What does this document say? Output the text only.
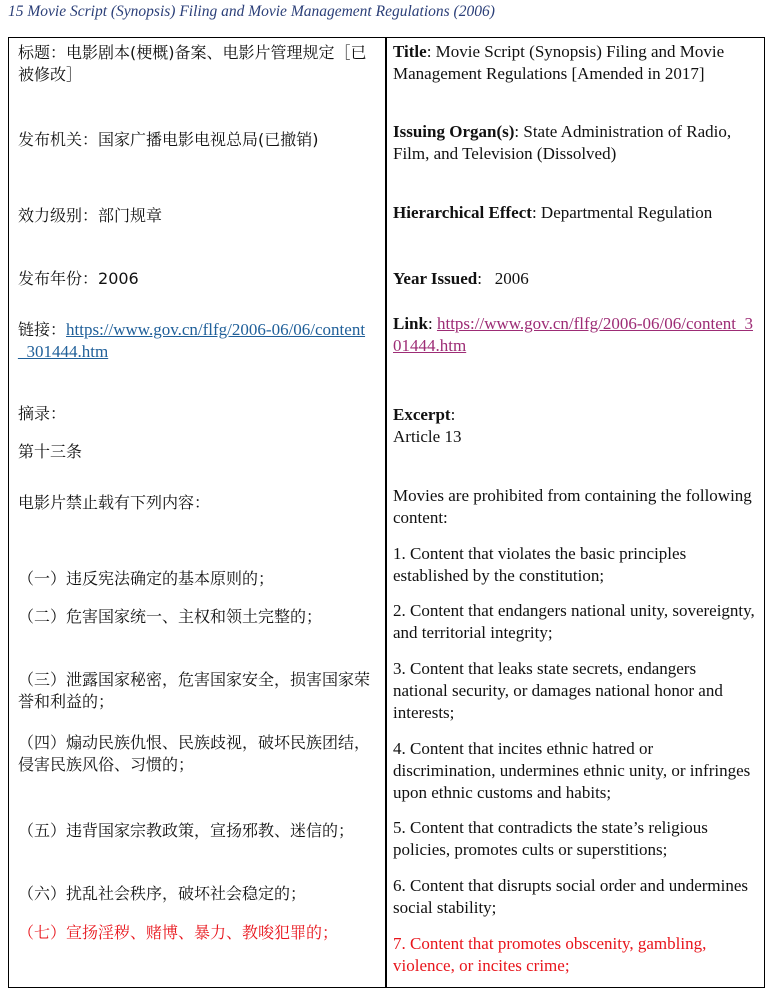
15 Movie Script (Synopsis) Filing and Movie Management Regulations (2006)
标题：电影剧本(梗概)备案、电影片管理规定［已被修改］
发布机关：国家广播电影电视总局(已撤销)
效力级别：部门规章
发布年份：2006
链接：https://www.gov.cn/flfg/2006-06/06/content_301444.htm
摘录：
第十三条
电影片禁止载有下列内容：
（一）违反宪法确定的基本原则的；
（二）危害国家统一、主权和领土完整的；
（三）泄露国家秘密，危害国家安全，损害国家荣誉和利益的；
（四）煽动民族仇恨、民族歧视，破坏民族团结，侵害民族风俗、习惯的；
（五）违背国家宗教政策，宣扬邪教、迷信的；
（六）扰乱社会秩序，破坏社会稳定的；
（七）宣扬淫秽、赌博、暴力、教唆犯罪的；
Title: Movie Script (Synopsis) Filing and Movie Management Regulations [Amended in 2017]
Issuing Organ(s): State Administration of Radio, Film, and Television (Dissolved)
Hierarchical Effect: Departmental Regulation
Year Issued:   2006
Link: https://www.gov.cn/flfg/2006-06/06/content_301444.htm
Excerpt:
Article 13
Movies are prohibited from containing the following content:
1. Content that violates the basic principles established by the constitution;
2. Content that endangers national unity, sovereignty, and territorial integrity;
3. Content that leaks state secrets, endangers national security, or damages national honor and interests;
4. Content that incites ethnic hatred or discrimination, undermines ethnic unity, or infringes upon ethnic customs and habits;
5. Content that contradicts the state’s religious policies, promotes cults or superstitions;
6. Content that disrupts social order and undermines social stability;
7. Content that promotes obscenity, gambling, violence, or incites crime;
